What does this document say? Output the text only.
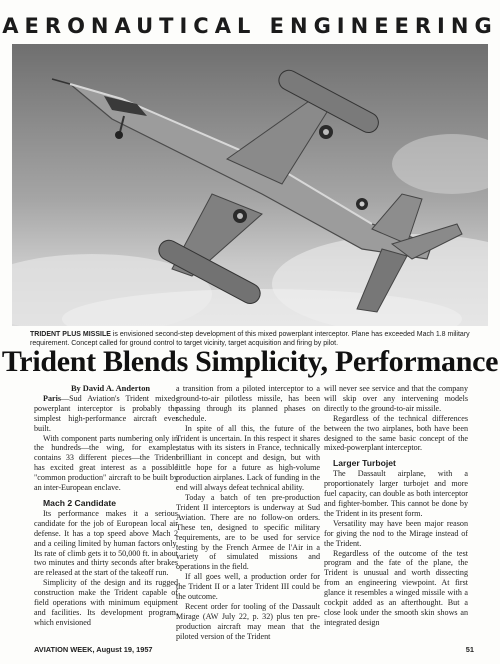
AERONAUTICAL ENGINEERING
TRIDENT PLUS MISSILE is envisioned second-step development of this mixed powerplant interceptor. Plane has exceeded Mach 1.8 military requirement. Concept called for ground control to target vicinity, target acquisition and firing by pilot.
Trident Blends Simplicity, Performance

By David A. Anderton

Paris—Sud Aviation's Trident mixed-powerplant interceptor is probably the simplest high-performance aircraft ever built.

With component parts numbering only in the hundreds—the wing, for example, contains 33 different pieces—the Trident has excited great interest as a possible "common production" aircraft to be built by an inter-European enclave.

Mach 2 Candidate

Its performance makes it a serious candidate for the job of European local air defense. It has a top speed above Mach 2 and a ceiling limited by human factors only. Its rate of climb gets it to 50,000 ft. in about two minutes and thirty seconds after brakes are released at the start of the takeoff run.

Simplicity of the design and its rugged construction make the Trident capable of field operations with minimum equipment and facilities. Its development program, which envisioned

a transition from a piloted interceptor to a ground-to-air pilotless missile, has been passing through its planned phases on schedule.

In spite of all this, the future of the Trident is uncertain. In this respect it shares status with its sisters in France, technically brilliant in concept and design, but with little hope for a future as high-volume production airplanes. Lack of funding in the end will always defeat technical ability.

Today a batch of ten pre-production Trident II interceptors is underway at Sud Aviation. There are no follow-on orders. These ten, designed to specific military requirements, are to be used for service testing by the French Armee de l'Air in a variety of simulated missions and operations in the field.

If all goes well, a production order for the Trident II or a later Trident III could be the outcome.

Recent order for tooling of the Dassault Mirage (AW July 22, p. 32) plus ten pre-production aircraft may mean that the piloted version of the Trident

will never see service and that the company will skip over any intervening models directly to the ground-to-air missile.

Regardless of the technical differences between the two airplanes, both have been designed to the same basic concept of the mixed-powerplant interceptor.

Larger Turbojet

The Dassault airplane, with a proportionately larger turbojet and more fuel capacity, can double as both interceptor and fighter-bomber. This cannot be done by the Trident in its present form.

Versatility may have been major reason for giving the nod to the Mirage instead of the Trident.

Regardless of the outcome of the test program and the fate of the plane, the Trident is unusual and worth dissecting from an engineering viewpoint. At first glance it resembles a winged missile with a cockpit added as an afterthought. But a close look under the smooth skin shows an integrated design

AVIATION WEEK, August 19, 1957	51
